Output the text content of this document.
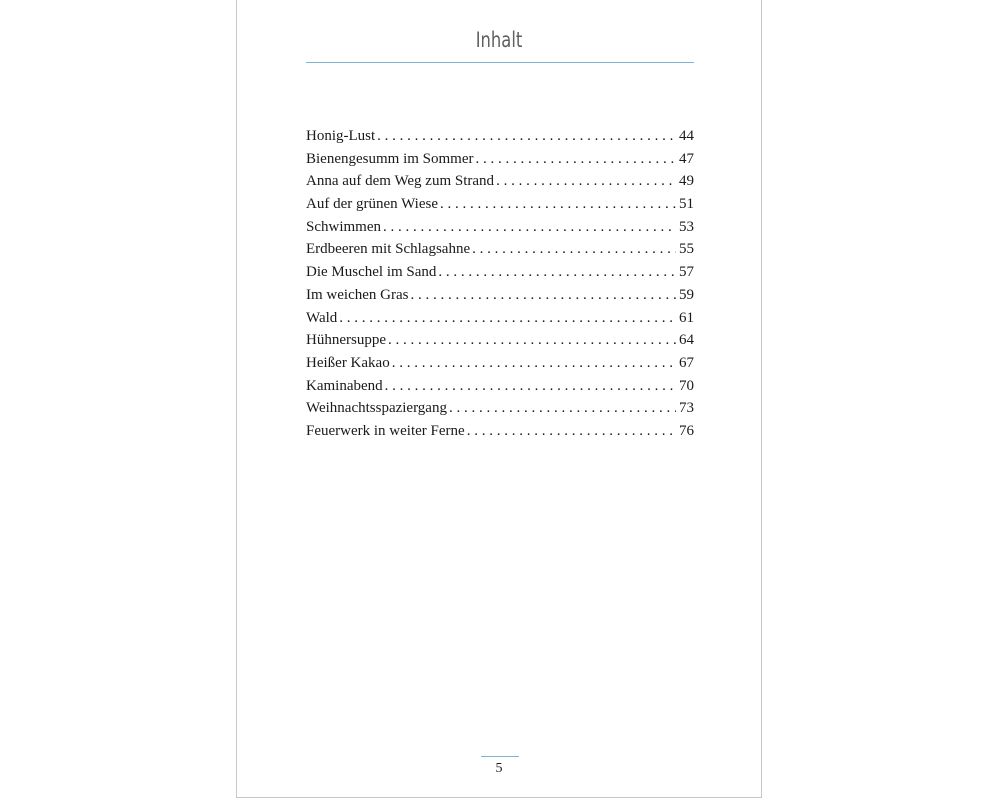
Inhalt
Honig-Lust . . .	44
Bienengesumm im Sommer . . .	47
Anna auf dem Weg zum Strand . . .	49
Auf der grünen Wiese . . .	51
Schwimmen . . .	53
Erdbeeren mit Schlagsahne . . .	55
Die Muschel im Sand . . .	57
Im weichen Gras . . .	59
Wald . . .	61
Hühnersuppe . . .	64
Heißer Kakao . . .	67
Kaminabend . . .	70
Weihnachtsspaziergang . . .	73
Feuerwerk in weiter Ferne . . .	76
5
